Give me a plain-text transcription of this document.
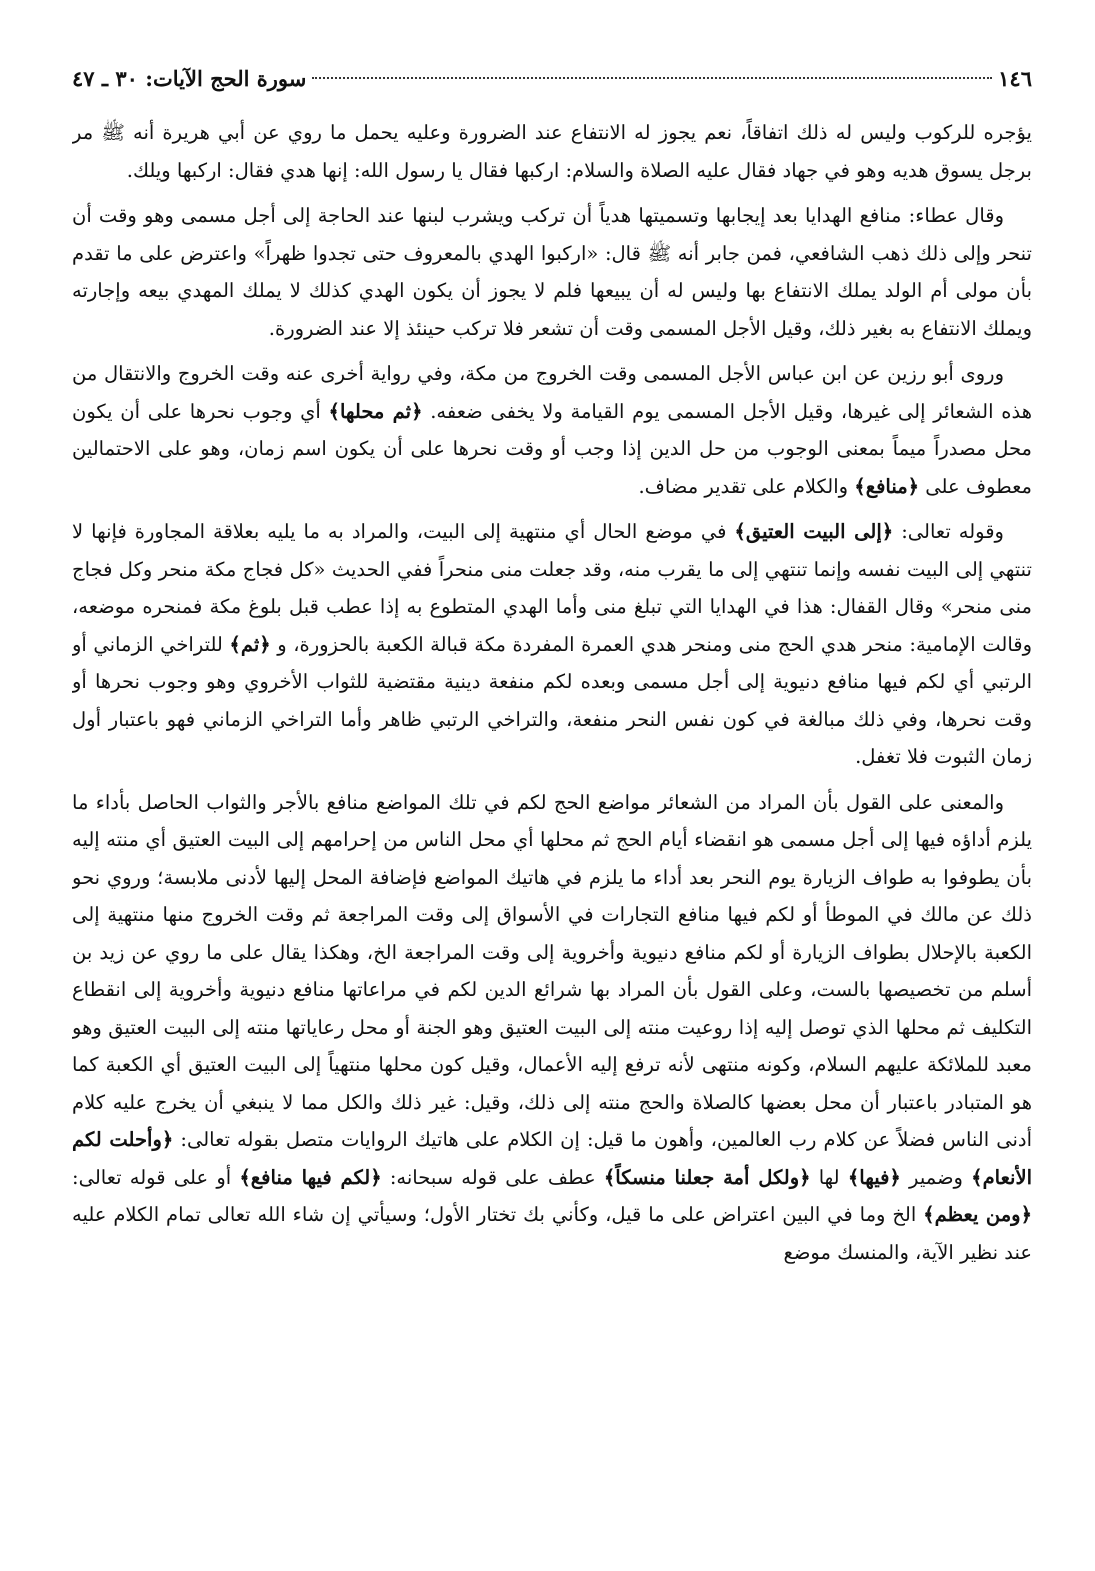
١٤٦
سورة الحج الآيات: ٣٠ ـ ٤٧

يؤجره للركوب وليس له ذلك اتفاقاً، نعم يجوز له الانتفاع عند الضرورة وعليه يحمل ما روي عن أبي هريرة أنه ﷺ مر برجل يسوق هديه وهو في جهاد فقال عليه الصلاة والسلام: اركبها فقال يا رسول الله: إنها هدي فقال: اركبها ويلك.

وقال عطاء: منافع الهدايا بعد إيجابها وتسميتها هدياً أن تركب ويشرب لبنها عند الحاجة إلى أجل مسمى وهو وقت أن تنحر وإلى ذلك ذهب الشافعي، فمن جابر أنه ﷺ قال: «اركبوا الهدي بالمعروف حتى تجدوا ظهراً» واعترض على ما تقدم بأن مولى أم الولد يملك الانتفاع بها وليس له أن يبيعها فلم لا يجوز أن يكون الهدي كذلك لا يملك المهدي بيعه وإجارته ويملك الانتفاع به بغير ذلك، وقيل الأجل المسمى وقت أن تشعر فلا تركب حينئذ إلا عند الضرورة.

وروى أبو رزين عن ابن عباس الأجل المسمى وقت الخروج من مكة، وفي رواية أخرى عنه وقت الخروج والانتقال من هذه الشعائر إلى غيرها، وقيل الأجل المسمى يوم القيامة ولا يخفى ضعفه. ﴿ثم محلها﴾ أي وجوب نحرها على أن يكون محل مصدراً ميماً بمعنى الوجوب من حل الدين إذا وجب أو وقت نحرها على أن يكون اسم زمان، وهو على الاحتمالين معطوف على ﴿منافع﴾ والكلام على تقدير مضاف.

وقوله تعالى: ﴿إلى البيت العتيق﴾ في موضع الحال أي منتهية إلى البيت، والمراد به ما يليه بعلاقة المجاورة فإنها لا تنتهي إلى البيت نفسه وإنما تنتهي إلى ما يقرب منه، وقد جعلت منى منحراً ففي الحديث «كل فجاج مكة منحر وكل فجاج منى منحر» وقال القفال: هذا في الهدايا التي تبلغ منى وأما الهدي المتطوع به إذا عطب قبل بلوغ مكة فمنحره موضعه، وقالت الإمامية: منحر هدي الحج منى ومنحر هدي العمرة المفردة مكة قبالة الكعبة بالحزورة، و ﴿ثم﴾ للتراخي الزماني أو الرتبي أي لكم فيها منافع دنيوية إلى أجل مسمى وبعده لكم منفعة دينية مقتضية للثواب الأخروي وهو وجوب نحرها أو وقت نحرها، وفي ذلك مبالغة في كون نفس النحر منفعة، والتراخي الرتبي ظاهر وأما التراخي الزماني فهو باعتبار أول زمان الثبوت فلا تغفل.

والمعنى على القول بأن المراد من الشعائر مواضع الحج لكم في تلك المواضع منافع بالأجر والثواب الحاصل بأداء ما يلزم أداؤه فيها إلى أجل مسمى هو انقضاء أيام الحج ثم محلها أي محل الناس من إحرامهم إلى البيت العتيق أي منته إليه بأن يطوفوا به طواف الزيارة يوم النحر بعد أداء ما يلزم في هاتيك المواضع فإضافة المحل إليها لأدنى ملابسة؛ وروي نحو ذلك عن مالك في الموطأ أو لكم فيها منافع التجارات في الأسواق إلى وقت المراجعة ثم وقت الخروج منها منتهية إلى الكعبة بالإحلال بطواف الزيارة أو لكم منافع دنيوية وأخروية إلى وقت المراجعة الخ، وهكذا يقال على ما روي عن زيد بن أسلم من تخصيصها بالست، وعلى القول بأن المراد بها شرائع الدين لكم في مراعاتها منافع دنيوية وأخروية إلى انقطاع التكليف ثم محلها الذي توصل إليه إذا روعيت منته إلى البيت العتيق وهو الجنة أو محل رعاياتها منته إلى البيت العتيق وهو معبد للملائكة عليهم السلام، وكونه منتهى لأنه ترفع إليه الأعمال، وقيل كون محلها منتهياً إلى البيت العتيق أي الكعبة كما هو المتبادر باعتبار أن محل بعضها كالصلاة والحج منته إلى ذلك، وقيل: غير ذلك والكل مما لا ينبغي أن يخرج عليه كلام أدنى الناس فضلاً عن كلام رب العالمين، وأهون ما قيل: إن الكلام على هاتيك الروايات متصل بقوله تعالى: ﴿وأحلت لكم الأنعام﴾ وضمير ﴿فيها﴾ لها ﴿ولكل أمة جعلنا منسكاً﴾ عطف على قوله سبحانه: ﴿لكم فيها منافع﴾ أو على قوله تعالى: ﴿ومن يعظم﴾ الخ وما في البين اعتراض على ما قيل، وكأني بك تختار الأول؛ وسيأتي إن شاء الله تعالى تمام الكلام عليه عند نظير الآية، والمنسك موضع
